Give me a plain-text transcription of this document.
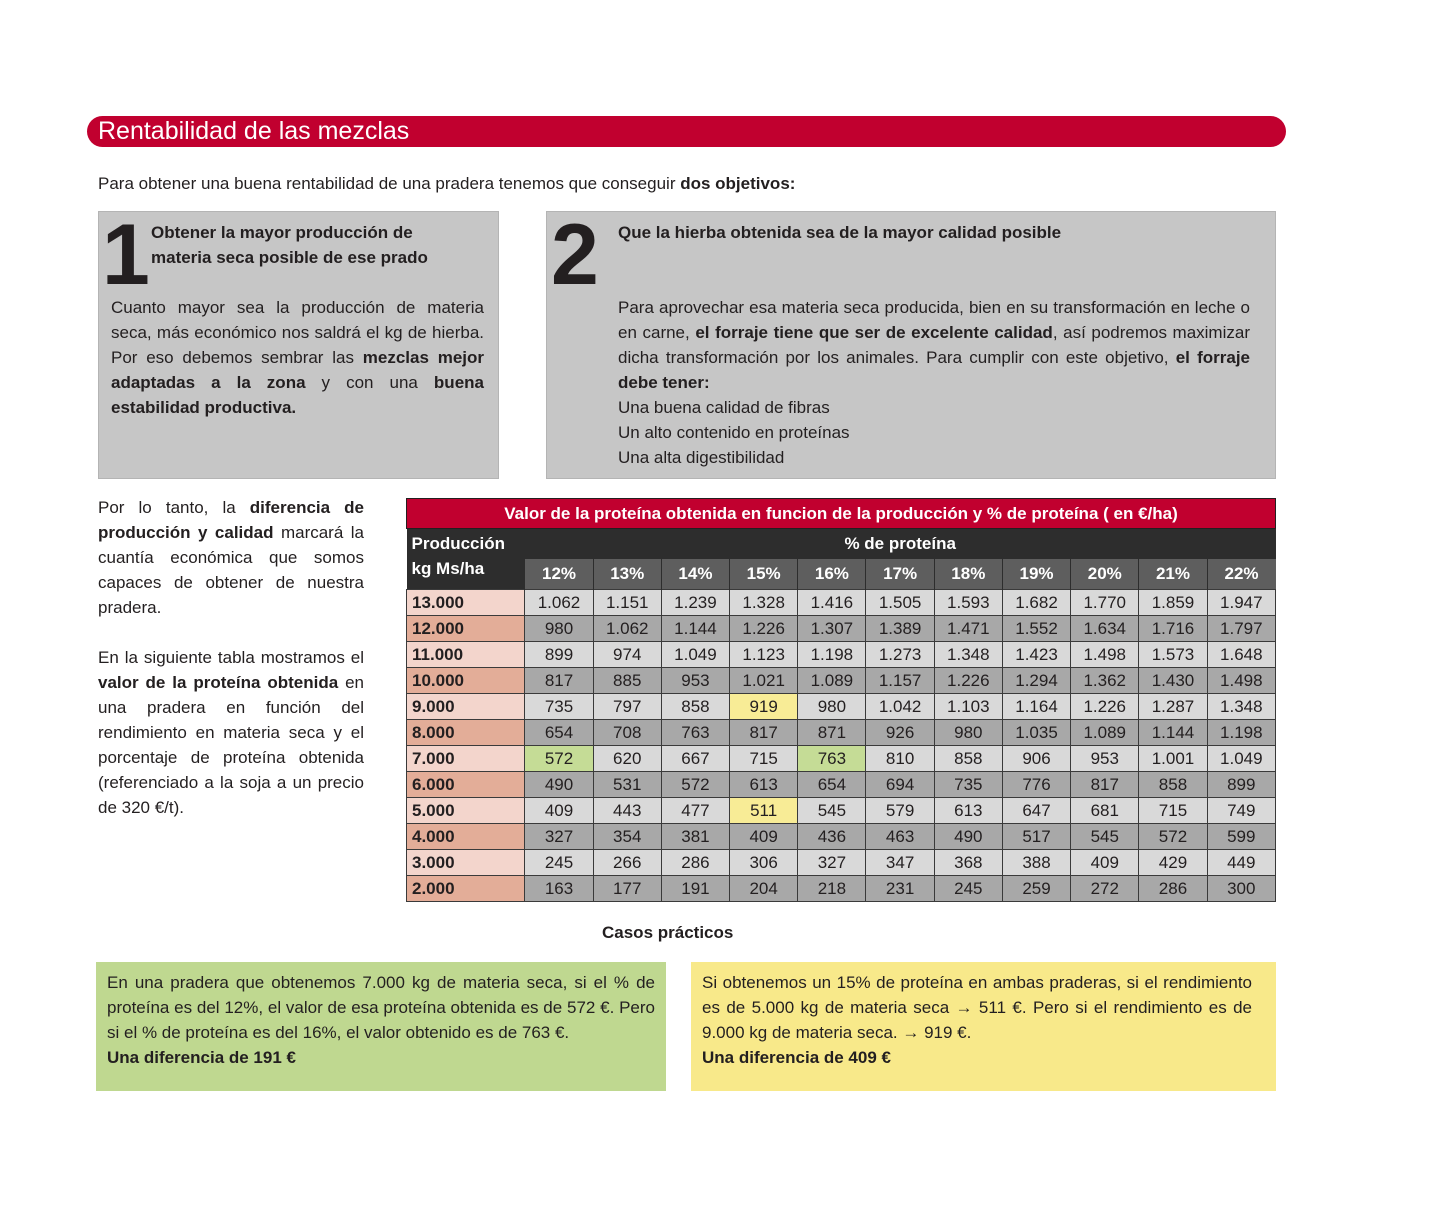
Rentabilidad de las mezclas

Para obtener una buena rentabilidad de una pradera tenemos que conseguir dos objetivos:

1 Obtener la mayor producción de materia seca posible de ese prado

Cuanto mayor sea la producción de materia seca, más económico nos saldrá el kg de hierba. Por eso debemos sembrar las mezclas mejor adaptadas a la zona y con una buena estabilidad productiva.

2 Que la hierba obtenida sea de la mayor calidad posible

Para aprovechar esa materia seca producida, bien en su transformación en leche o en carne, el forraje tiene que ser de excelente calidad, así podremos maximizar dicha transformación por los animales. Para cumplir con este objetivo, el forraje debe tener:
Una buena calidad de fibras
Un alto contenido en proteínas
Una alta digestibilidad

Por lo tanto, la diferencia de producción y calidad marcará la cuantía económica que somos capaces de obtener de nuestra pradera.

En la siguiente tabla mostramos el valor de la proteína obtenida en una pradera en función del rendimiento en materia seca y el porcentaje de proteína obtenida (referenciado a la soja a un precio de 320 €/t).

Valor de la proteína obtenida en funcion de la producción y % de proteína ( en €/ha)											
Producción
kg Ms/ha	% de proteína										
	12%	13%	14%	15%	16%	17%	18%	19%	20%	21%	22%
13.000	1.062	1.151	1.239	1.328	1.416	1.505	1.593	1.682	1.770	1.859	1.947
12.000	980	1.062	1.144	1.226	1.307	1.389	1.471	1.552	1.634	1.716	1.797
11.000	899	974	1.049	1.123	1.198	1.273	1.348	1.423	1.498	1.573	1.648
10.000	817	885	953	1.021	1.089	1.157	1.226	1.294	1.362	1.430	1.498
9.000	735	797	858	919	980	1.042	1.103	1.164	1.226	1.287	1.348
8.000	654	708	763	817	871	926	980	1.035	1.089	1.144	1.198
7.000	572	620	667	715	763	810	858	906	953	1.001	1.049
6.000	490	531	572	613	654	694	735	776	817	858	899
5.000	409	443	477	511	545	579	613	647	681	715	749
4.000	327	354	381	409	436	463	490	517	545	572	599
3.000	245	266	286	306	327	347	368	388	409	429	449
2.000	163	177	191	204	218	231	245	259	272	286	300

Casos prácticos

En una pradera que obtenemos 7.000 kg de materia seca, si el % de proteína es del 12%, el valor de esa proteína obtenida es de 572 €. Pero si el % de proteína es del 16%, el valor obtenido es de 763 €.

Una diferencia de 191 €

Si obtenemos un 15% de proteína en ambas praderas, si el rendimiento es de 5.000 kg de materia seca → 511 €. Pero si el rendimiento es de 9.000 kg de materia seca. → 919 €.

Una diferencia de 409 €
